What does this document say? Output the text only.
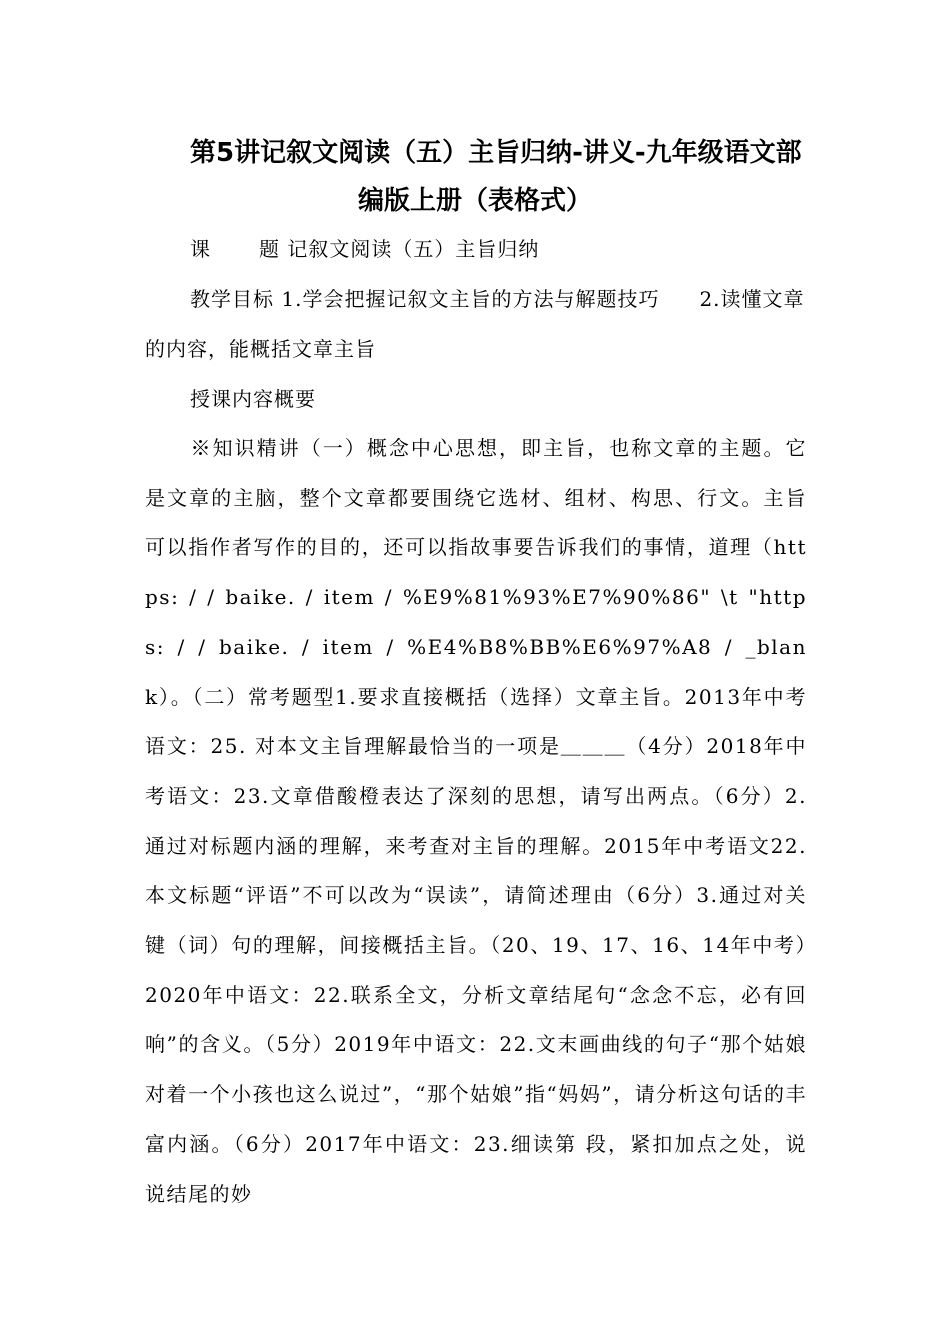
第5讲记叙文阅读（五）主旨归纳-讲义-九年级语文部
编版上册（表格式）

课 题 记叙文阅读（五）主旨归纳

教学目标 1.学会把握记叙文主旨的方法与解题技巧 2.读懂文章的内容，能概括文章主旨

授课内容概要

※知识精讲（一）概念中心思想，即主旨，也称文章的主题。它是文章的主脑，整个文章都要围绕它选材、组材、构思、行文。主旨可以指作者写作的目的，还可以指故事要告诉我们的事情，道理（https: / / baike. / item / %E9%81%93%E7%90%86" \t "https: / / baike. / item / %E4%B8%BB%E6%97%A8 / _blank）。（二）常考题型1.要求直接概括（选择）文章主旨。2013年中考语文：25. 对本文主旨理解最恰当的一项是＿＿＿（4分）2018年中考语文：23.文章借酸橙表达了深刻的思想，请写出两点。（6分）2.通过对标题内涵的理解，来考查对主旨的理解。2015年中考语文22. 本文标题“评语”不可以改为“误读”，请简述理由（6分）3.通过对关键（词）句的理解，间接概括主旨。（20、19、17、16、14年中考）2020年中语文：22.联系全文，分析文章结尾句“念念不忘，必有回响”的含义。（5分）2019年中语文：22.文末画曲线的句子“那个姑娘对着一个小孩也这么说过”，“那个姑娘”指“妈妈”，请分析这句话的丰富内涵。（6分）2017年中语文：23.细读第 段，紧扣加点之处，说说结尾的妙
